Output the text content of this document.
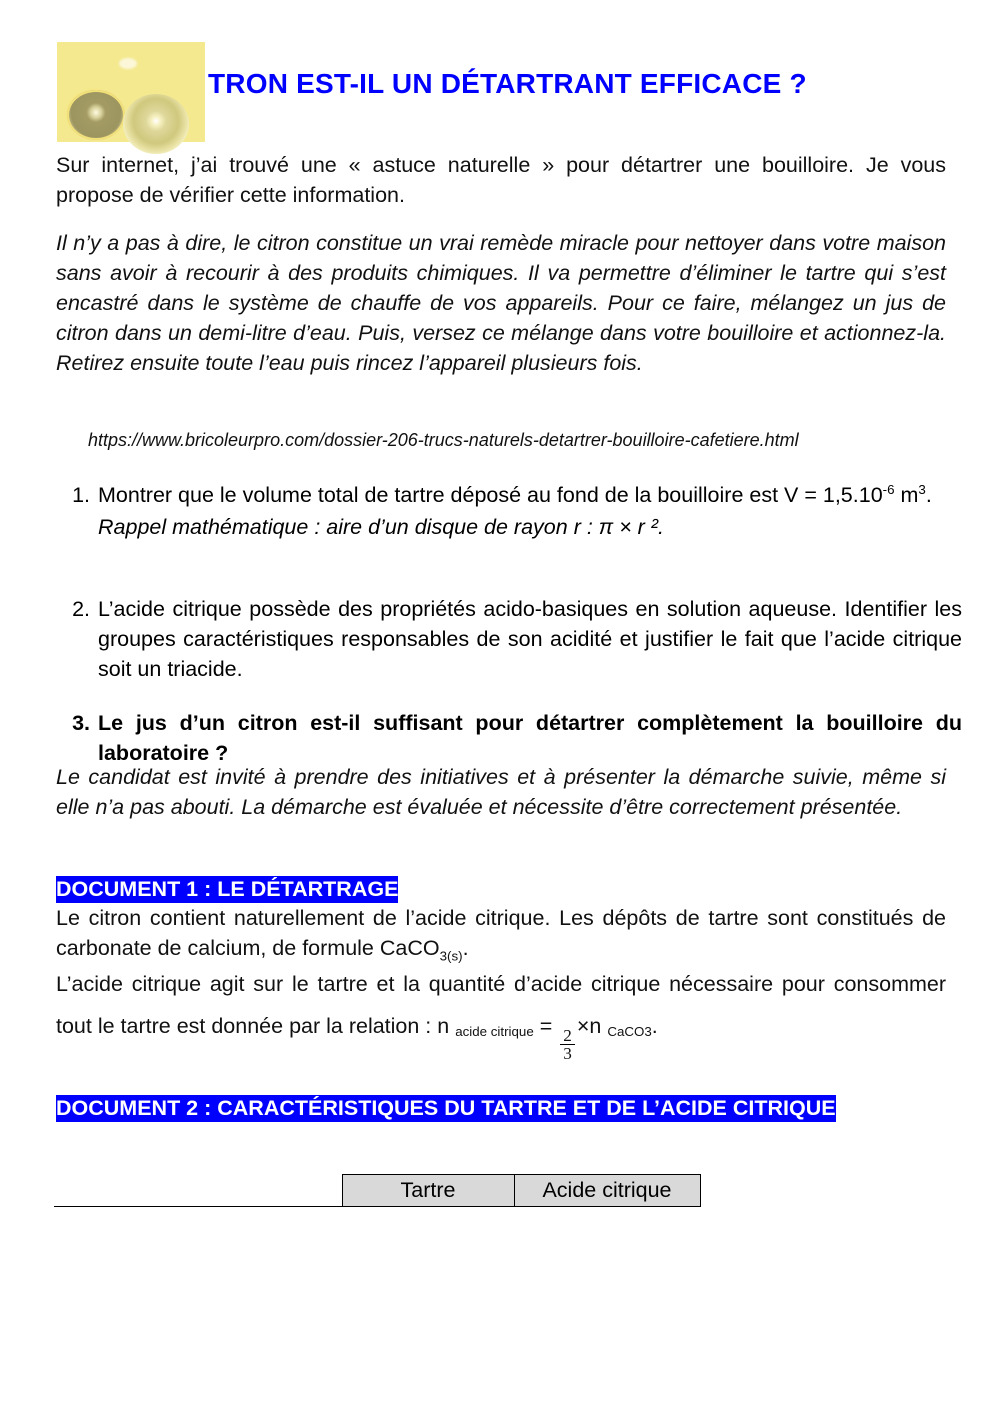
TRON EST-IL UN DÉTARTRANT EFFICACE ?
Sur internet, j’ai trouvé une « astuce naturelle » pour détartrer une bouilloire. Je vous propose de vérifier cette information.
Il n’y a pas à dire, le citron constitue un vrai remède miracle pour nettoyer dans votre maison sans avoir à recourir à des produits chimiques. Il va permettre d’éliminer le tartre qui s’est encastré dans le système de chauffe de vos appareils. Pour ce faire, mélangez un jus de citron dans un demi-litre d’eau. Puis, versez ce mélange dans votre bouilloire et actionnez-la. Retirez ensuite toute l’eau puis rincez l’appareil plusieurs fois.
https://www.bricoleurpro.com/dossier-206-trucs-naturels-detartrer-bouilloire-cafetiere.html
1. Montrer que le volume total de tartre déposé au fond de la bouilloire est $V = 1,5.10^{-6}$ $m^3$.
Rappel mathématique : aire d’un disque de rayon r : π × r ².
2. L’acide citrique possède des propriétés acido-basiques en solution aqueuse. Identifier les groupes caractéristiques responsables de son acidité et justifier le fait que l’acide citrique soit un triacide.
3. Le jus d’un citron est-il suffisant pour détartrer complètement la bouilloire du laboratoire ?
Le candidat est invité à prendre des initiatives et à présenter la démarche suivie, même si elle n’a pas abouti. La démarche est évaluée et nécessite d’être correctement présentée.
DOCUMENT 1 : LE DÉTARTRAGE
Le citron contient naturellement de l’acide citrique. Les dépôts de tartre sont constitués de carbonate de calcium, de formule CaCO$_{3(s)}$.
L’acide citrique agit sur le tartre et la quantité d’acide citrique nécessaire pour consommer tout le tartre est donnée par la relation : n acide citrique =
$\frac{2}{3}$
×n CaCO3.
DOCUMENT 2 : CARACTÉRISTIQUES DU TARTRE ET DE L’ACIDE CITRIQUE
	Tartre	Acide citrique
